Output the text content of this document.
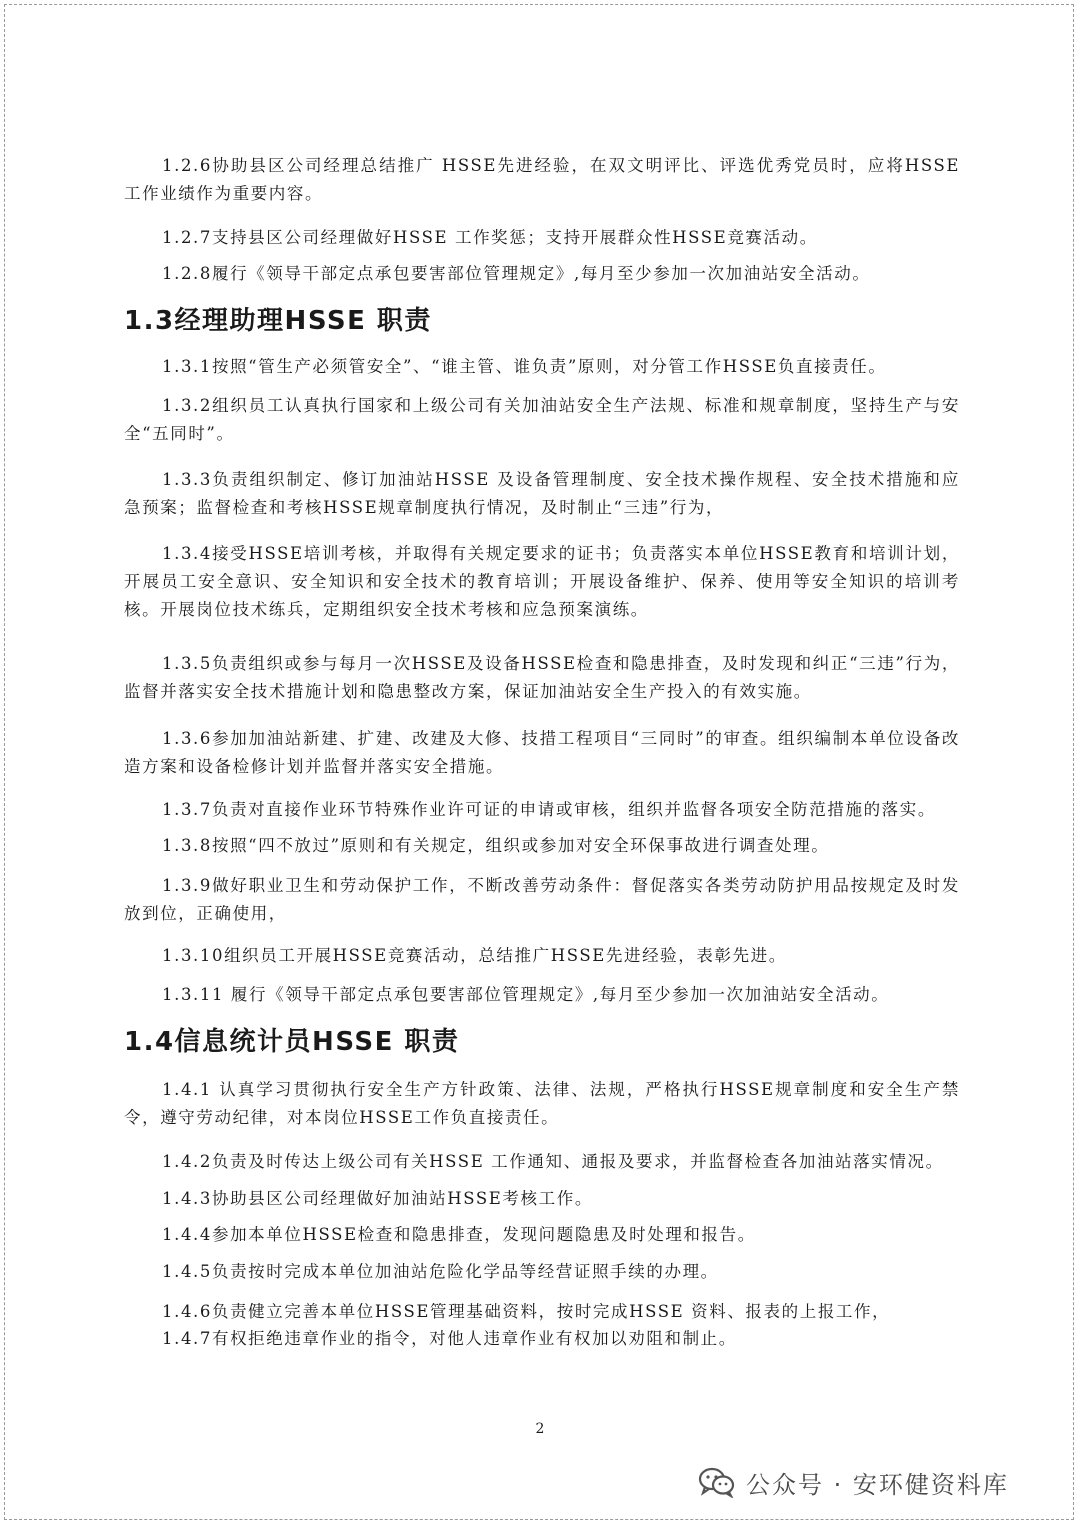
1.2.6协助县区公司经理总结推广 HSSE先进经验，在双文明评比、评选优秀党员时，应将HSSE工作业绩作为重要内容。

1.2.7支持县区公司经理做好HSSE 工作奖惩；支持开展群众性HSSE竞赛活动。

1.2.8履行《领导干部定点承包要害部位管理规定》,每月至少参加一次加油站安全活动。

1.3经理助理HSSE 职责

1.3.1按照“管生产必须管安全”、“谁主管、谁负责”原则，对分管工作HSSE负直接责任。

1.3.2组织员工认真执行国家和上级公司有关加油站安全生产法规、标准和规章制度，坚持生产与安全“五同时”。

1.3.3负责组织制定、修订加油站HSSE 及设备管理制度、安全技术操作规程、安全技术措施和应急预案；监督检查和考核HSSE规章制度执行情况，及时制止“三违”行为，

1.3.4接受HSSE培训考核，并取得有关规定要求的证书；负责落实本单位HSSE教育和培训计划，开展员工安全意识、安全知识和安全技术的教育培训；开展设备维护、保养、使用等安全知识的培训考核。开展岗位技术练兵，定期组织安全技术考核和应急预案演练。

1.3.5负责组织或参与每月一次HSSE及设备HSSE检查和隐患排查，及时发现和纠正“三违”行为，监督并落实安全技术措施计划和隐患整改方案，保证加油站安全生产投入的有效实施。

1.3.6参加加油站新建、扩建、改建及大修、技措工程项目“三同时”的审查。组织编制本单位设备改造方案和设备检修计划并监督并落实安全措施。

1.3.7负责对直接作业环节特殊作业许可证的申请或审核，组织并监督各项安全防范措施的落实。

1.3.8按照“四不放过”原则和有关规定，组织或参加对安全环保事故进行调查处理。

1.3.9做好职业卫生和劳动保护工作，不断改善劳动条件：督促落实各类劳动防护用品按规定及时发放到位，正确使用，

1.3.10组织员工开展HSSE竞赛活动，总结推广HSSE先进经验，表彰先进。

1.3.11 履行《领导干部定点承包要害部位管理规定》,每月至少参加一次加油站安全活动。

1.4信息统计员HSSE 职责

1.4.1 认真学习贯彻执行安全生产方针政策、法律、法规，严格执行HSSE规章制度和安全生产禁 令，遵守劳动纪律，对本岗位HSSE工作负直接责任。

1.4.2负责及时传达上级公司有关HSSE 工作通知、通报及要求，并监督检查各加油站落实情况。

1.4.3协助县区公司经理做好加油站HSSE考核工作。

1.4.4参加本单位HSSE检查和隐患排查，发现问题隐患及时处理和报告。

1.4.5负责按时完成本单位加油站危险化学品等经营证照手续的办理。

1.4.6负责健立完善本单位HSSE管理基础资料，按时完成HSSE 资料、报表的上报工作，

1.4.7有权拒绝违章作业的指令，对他人违章作业有权加以劝阻和制止。

2
公众号 · 安环健资料库
